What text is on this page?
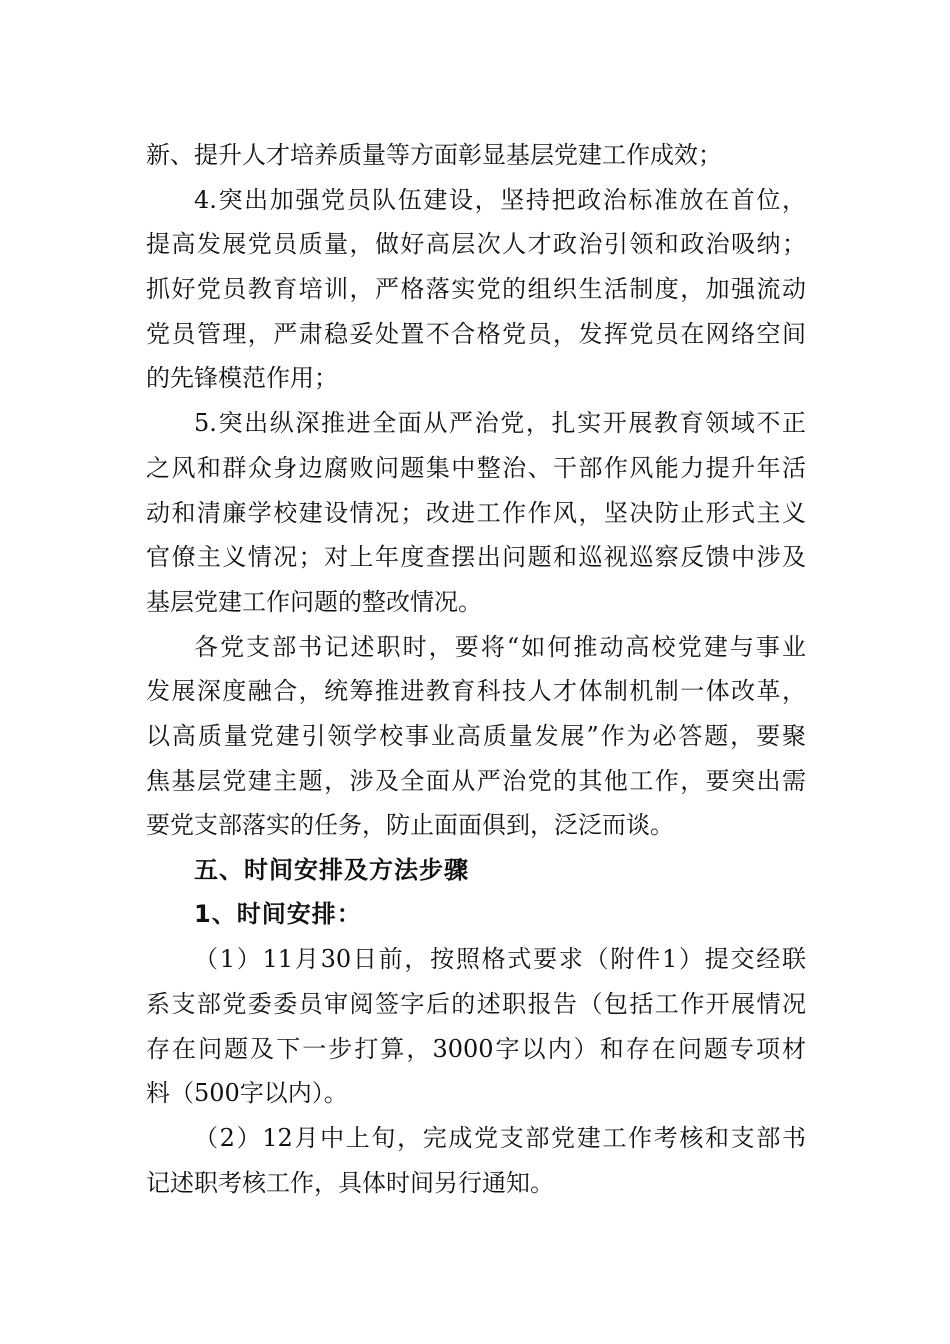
新、提升人才培养质量等方面彰显基层党建工作成效；
4.突出加强党员队伍建设，坚持把政治标准放在首位，
提高发展党员质量，做好高层次人才政治引领和政治吸纳；
抓好党员教育培训，严格落实党的组织生活制度，加强流动
党员管理，严肃稳妥处置不合格党员，发挥党员在网络空间
的先锋模范作用；
5.突出纵深推进全面从严治党，扎实开展教育领域不正
之风和群众身边腐败问题集中整治、干部作风能力提升年活
动和清廉学校建设情况；改进工作作风，坚决防止形式主义
官僚主义情况；对上年度查摆出问题和巡视巡察反馈中涉及
基层党建工作问题的整改情况。
各党支部书记述职时，要将“如何推动高校党建与事业
发展深度融合，统筹推进教育科技人才体制机制一体改革，
以高质量党建引领学校事业高质量发展”作为必答题，要聚
焦基层党建主题，涉及全面从严治党的其他工作，要突出需
要党支部落实的任务，防止面面俱到，泛泛而谈。
五、时间安排及方法步骤
1、时间安排：
（1）11月30日前，按照格式要求（附件1）提交经联
系支部党委委员审阅签字后的述职报告（包括工作开展情况
存在问题及下一步打算，3000字以内）和存在问题专项材
料（500字以内）。
（2）12月中上旬，完成党支部党建工作考核和支部书
记述职考核工作，具体时间另行通知。
